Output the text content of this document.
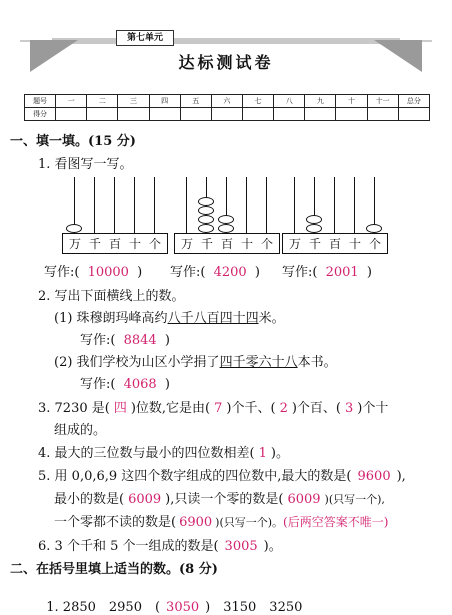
第七单元
达标测试卷
题号	一	二	三	四	五	六	七	八	九	十	十一	总分
得分												
一、填一填。(15 分)
1. 看图写一写。
万 千 百 十 个 万 千 百 十 个 万 千 百 十 个
写作:( 10000 ) 写作:( 4200 ) 写作:( 2001 )
2. 写出下面横线上的数。
(1) 珠穆朗玛峰高约八千八百四十四米。
写作:( 8844 )
(2) 我们学校为山区小学捐了四千零六十八本书。
写作:( 4068 )
3. 7230 是( 四 )位数,它是由( 7 )个千、( 2 )个百、( 3 )个十
组成的。
4. 最大的三位数与最小的四位数相差( 1 )。
5. 用 0,0,6,9 这四个数字组成的四位数中,最大的数是( 9600 ),
最小的数是( 6009 ),只读一个零的数是( 6009 )(只写一个),
一个零都不读的数是( 6900 )(只写一个)。(后两空答案不唯一)
6. 3 个千和 5 个一组成的数是( 3005 )。
二、在括号里填上适当的数。(8 分)

1. 2850　2950　( 3050 )　3150　3250
